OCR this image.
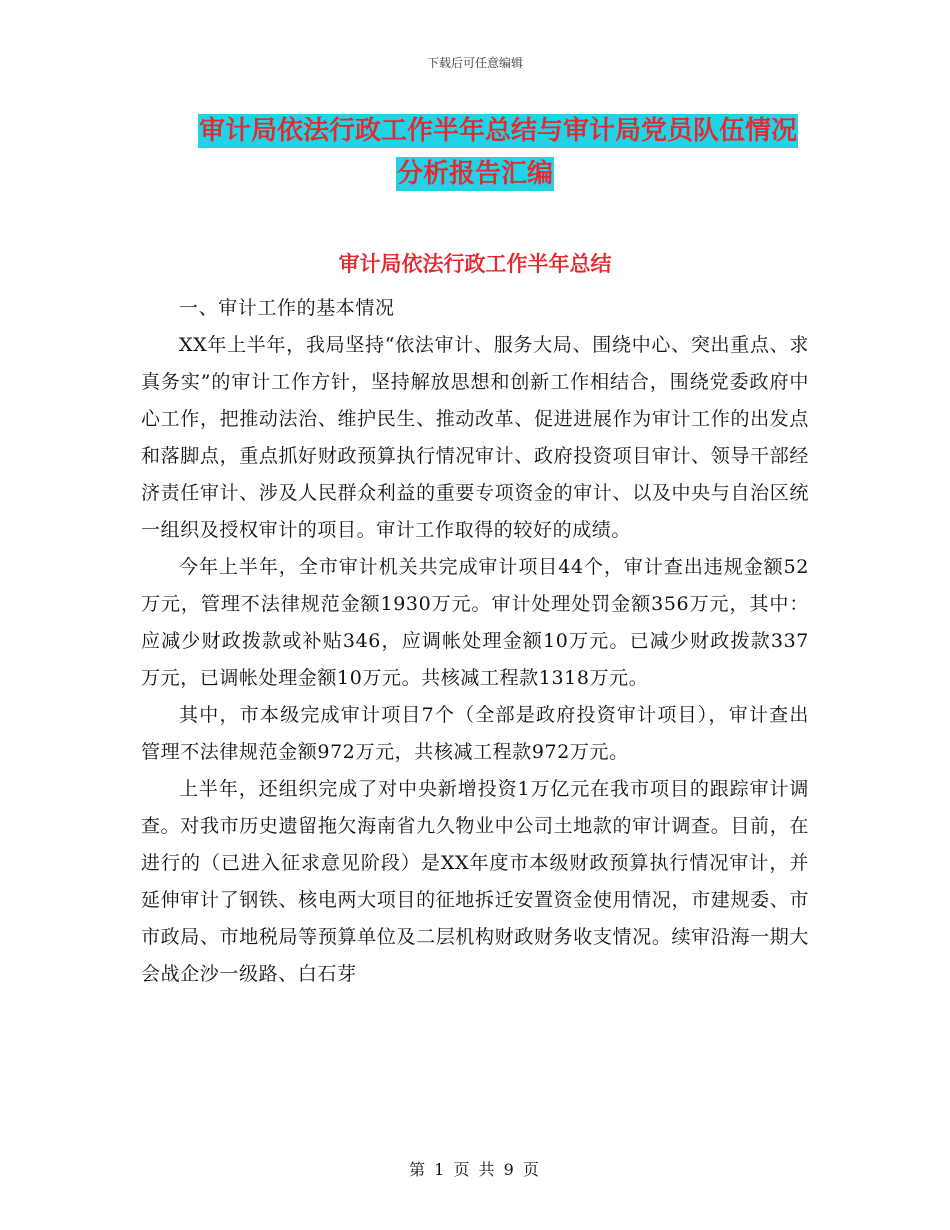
下载后可任意编辑
审计局依法行政工作半年总结与审计局党员队伍情况
分析报告汇编
审计局依法行政工作半年总结

一、审计工作的基本情况

XX年上半年，我局坚持“依法审计、服务大局、围绕中心、突出重点、求真务实”的审计工作方针，坚持解放思想和创新工作相结合，围绕党委政府中心工作，把推动法治、维护民生、推动改革、促进进展作为审计工作的出发点和落脚点，重点抓好财政预算执行情况审计、政府投资项目审计、领导干部经济责任审计、涉及人民群众利益的重要专项资金的审计、以及中央与自治区统一组织及授权审计的项目。审计工作取得的较好的成绩。

今年上半年，全市审计机关共完成审计项目44个，审计查出违规金额52万元，管理不法律规范金额1930万元。审计处理处罚金额356万元，其中：应减少财政拨款或补贴346，应调帐处理金额10万元。已减少财政拨款337万元，已调帐处理金额10万元。共核减工程款1318万元。

其中，市本级完成审计项目7个（全部是政府投资审计项目），审计查出管理不法律规范金额972万元，共核减工程款972万元。

上半年，还组织完成了对中央新增投资1万亿元在我市项目的跟踪审计调查。对我市历史遗留拖欠海南省九久物业中公司土地款的审计调查。目前，在进行的（已进入征求意见阶段）是XX年度市本级财政预算执行情况审计，并延伸审计了钢铁、核电两大项目的征地拆迁安置资金使用情况，市建规委、市市政局、市地税局等预算单位及二层机构财政财务收支情况。续审沿海一期大会战企沙一级路、白石芽

第 1 页 共 9 页
